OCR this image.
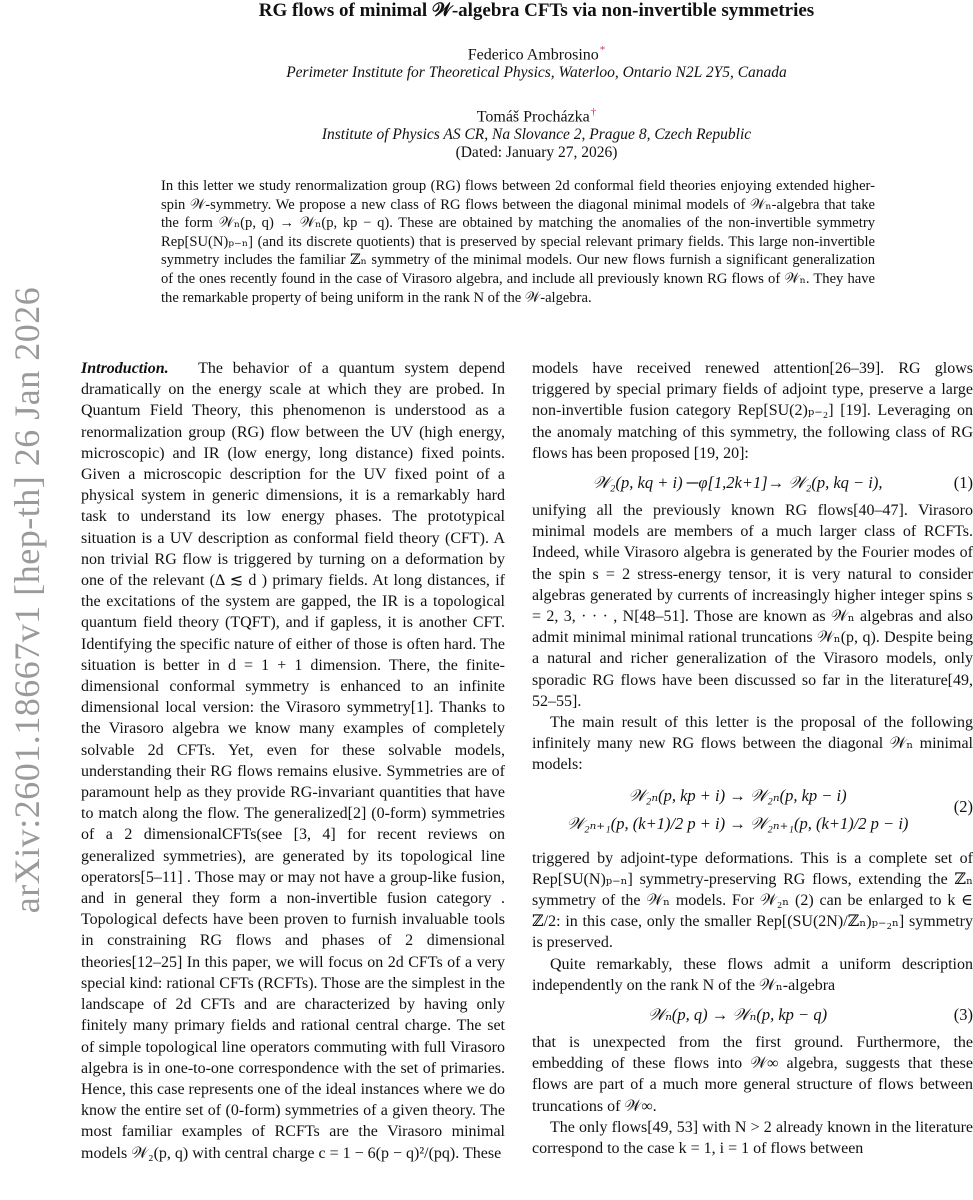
arXiv:2601.18667v1 [hep-th] 26 Jan 2026
RG flows of minimal 𝒲-algebra CFTs via non-invertible symmetries
Federico Ambrosino*
Perimeter Institute for Theoretical Physics, Waterloo, Ontario N2L 2Y5, Canada
Tomáš Procházka†
Institute of Physics AS CR, Na Slovance 2, Prague 8, Czech Republic
(Dated: January 27, 2026)
In this letter we study renormalization group (RG) flows between 2d conformal field theories enjoying extended higher-spin 𝒲-symmetry. We propose a new class of RG flows between the diagonal minimal models of 𝒲ₙ-algebra that take the form 𝒲ₙ(p, q) → 𝒲ₙ(p, kp − q). These are obtained by matching the anomalies of the non-invertible symmetry Rep[SU(N)ₚ₋ₙ] (and its discrete quotients) that is preserved by special relevant primary fields. This large non-invertible symmetry includes the familiar ℤₙ symmetry of the minimal models. Our new flows furnish a significant generalization of the ones recently found in the case of Virasoro algebra, and include all previously known RG flows of 𝒲ₙ. They have the remarkable property of being uniform in the rank N of the 𝒲-algebra.

Introduction. The behavior of a quantum system depend dramatically on the energy scale at which they are probed. In Quantum Field Theory, this phenomenon is understood as a renormalization group (RG) flow between the UV (high energy, microscopic) and IR (low energy, long distance) fixed points. Given a microscopic description for the UV fixed point of a physical system in generic dimensions, it is a remarkably hard task to understand its low energy phases. The prototypical situation is a UV description as conformal field theory (CFT). A non trivial RG flow is triggered by turning on a deformation by one of the relevant (Δ ≲ d ) primary fields. At long distances, if the excitations of the system are gapped, the IR is a topological quantum field theory (TQFT), and if gapless, it is another CFT. Identifying the specific nature of either of those is often hard. The situation is better in d = 1 + 1 dimension. There, the finite-dimensional conformal symmetry is enhanced to an infinite dimensional local version: the Virasoro symmetry[1]. Thanks to the Virasoro algebra we know many examples of completely solvable 2d CFTs. Yet, even for these solvable models, understanding their RG flows remains elusive. Symmetries are of paramount help as they provide RG-invariant quantities that have to match along the flow. The generalized[2] (0-form) symmetries of a 2 dimensionalCFTs(see [3, 4] for recent reviews on generalized symmetries), are generated by its topological line operators[5–11] . Those may or may not have a group-like fusion, and in general they form a non-invertible fusion category . Topological defects have been proven to furnish invaluable tools in constraining RG flows and phases of 2 dimensional theories[12–25] In this paper, we will focus on 2d CFTs of a very special kind: rational CFTs (RCFTs). Those are the simplest in the landscape of 2d CFTs and are characterized by having only finitely many primary fields and rational central charge. The set of simple topological line operators commuting with full Virasoro algebra is in one-to-one correspondence with the set of primaries. Hence, this case represents one of the ideal instances where we do know the entire set of (0-form) symmetries of a given theory. The most familiar examples of RCFTs are the Virasoro minimal models 𝒲₂(p, q) with central charge c = 1 − 6(p − q)²/(pq). These

models have received renewed attention[26–39]. RG glows triggered by special primary fields of adjoint type, preserve a large non-invertible fusion category Rep[SU(2)ₚ₋₂] [19]. Leveraging on the anomaly matching of this symmetry, the following class of RG flows has been proposed [19, 20]:

𝒲₂(p, kq + i) ─φ[1,2k+1]→ 𝒲₂(p, kq − i),	(1)

unifying all the previously known RG flows[40–47]. Virasoro minimal models are members of a much larger class of RCFTs. Indeed, while Virasoro algebra is generated by the Fourier modes of the spin s = 2 stress-energy tensor, it is very natural to consider algebras generated by currents of increasingly higher integer spins s = 2, 3, · · · , N[48–51]. Those are known as 𝒲ₙ algebras and also admit minimal minimal rational truncations 𝒲ₙ(p, q). Despite being a natural and richer generalization of the Virasoro models, only sporadic RG flows have been discussed so far in the literature[49, 52–55].

The main result of this letter is the proposal of the following infinitely many new RG flows between the diagonal 𝒲ₙ minimal models:

𝒲₂ₙ(p, kp + i) → 𝒲₂ₙ(p, kp − i)
𝒲₂ₙ₊₁(p, (k+1)/2 p + i) → 𝒲₂ₙ₊₁(p, (k+1)/2 p − i)
(2)

triggered by adjoint-type deformations. This is a complete set of Rep[SU(N)ₚ₋ₙ] symmetry-preserving RG flows, extending the ℤₙ symmetry of the 𝒲ₙ models. For 𝒲₂ₙ (2) can be enlarged to k ∈ ℤ/2: in this case, only the smaller Rep[(SU(2N)/ℤₙ)ₚ₋₂ₙ] symmetry is preserved.

Quite remarkably, these flows admit a uniform description independently on the rank N of the 𝒲ₙ-algebra

𝒲ₙ(p, q) → 𝒲ₙ(p, kp − q)	(3)

that is unexpected from the first ground. Furthermore, the embedding of these flows into 𝒲∞ algebra, suggests that these flows are part of a much more general structure of flows between truncations of 𝒲∞.

The only flows[49, 53] with N > 2 already known in the literature correspond to the case k = 1, i = 1 of flows between
